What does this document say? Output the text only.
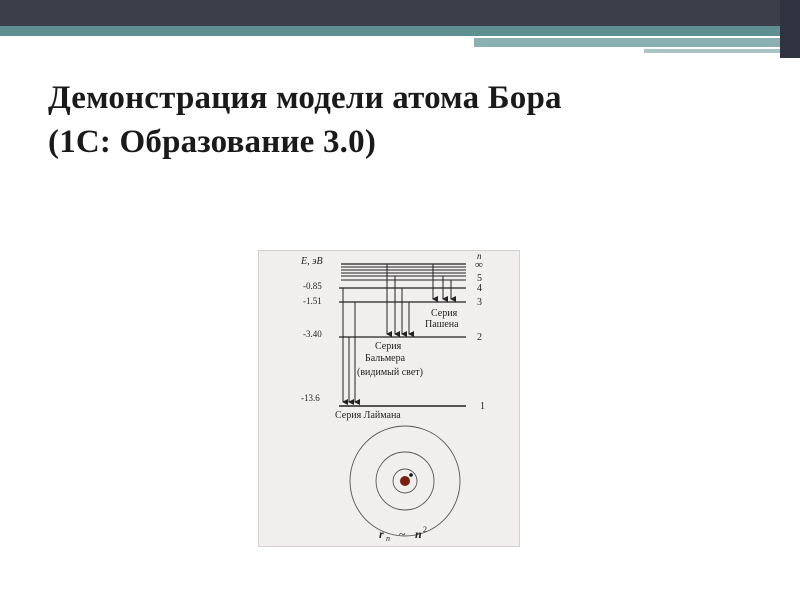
Демонстрация модели атома Бора
(1С: Образование 3.0)
E, эВ	n
∞
-0.85
-1.51
5
4
3
Серия
Пашена
-3.40	2
Серия
Бальмера
(видимый свет)
-13.6
1
Серия Лаймана
r n ~ n 2
